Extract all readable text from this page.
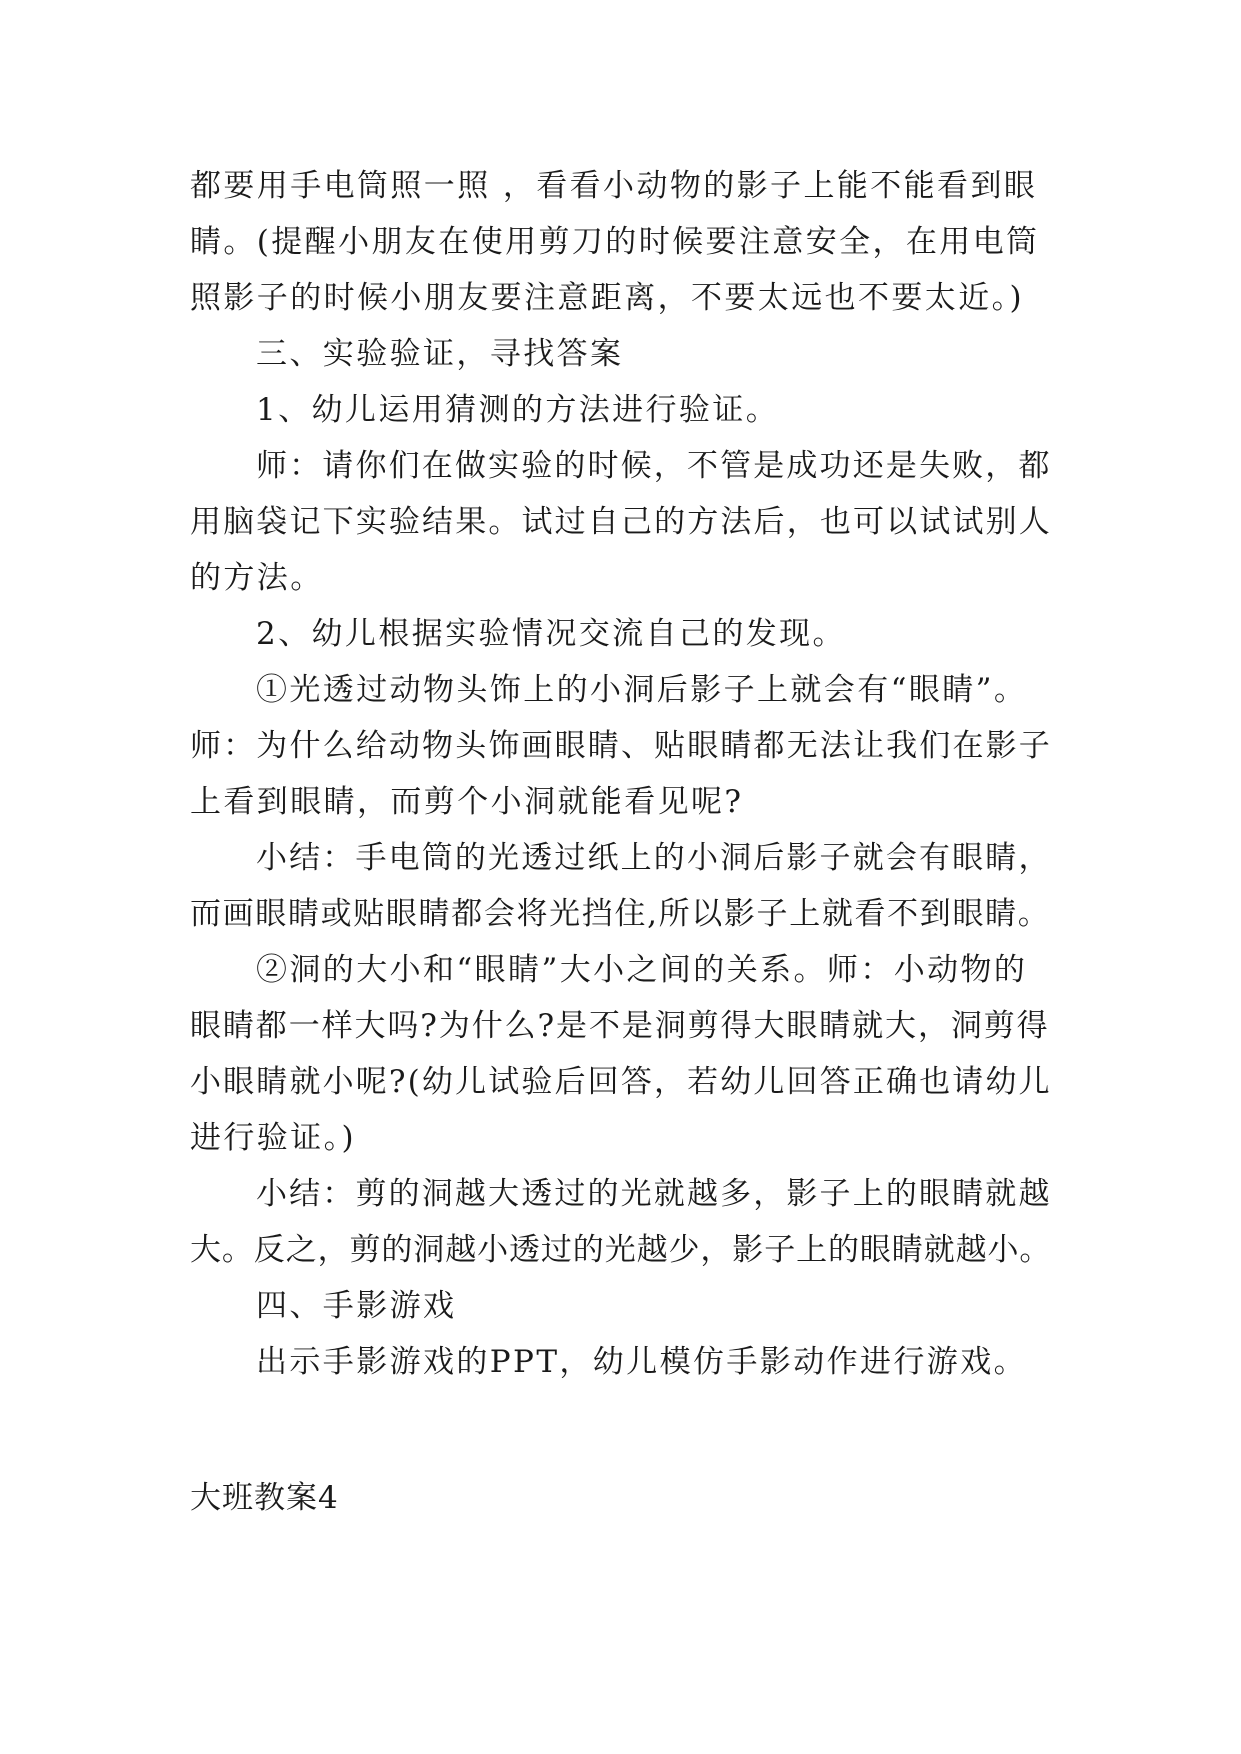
都要用手电筒照一照 ，看看小动物的影子上能不能看到眼
睛。(提醒小朋友在使用剪刀的时候要注意安全，在用电筒
照影子的时候小朋友要注意距离，不要太远也不要太近。)
三、实验验证，寻找答案
1、幼儿运用猜测的方法进行验证。
师：请你们在做实验的时候，不管是成功还是失败，都
用脑袋记下实验结果。试过自己的方法后，也可以试试别人
的方法。
2、幼儿根据实验情况交流自己的发现。
①光透过动物头饰上的小洞后影子上就会有“眼睛”。
师：为什么给动物头饰画眼睛、贴眼睛都无法让我们在影子
上看到眼睛，而剪个小洞就能看见呢?
小结：手电筒的光透过纸上的小洞后影子就会有眼睛，
而画眼睛或贴眼睛都会将光挡住,所以影子上就看不到眼睛。
②洞的大小和“眼睛”大小之间的关系。师：小动物的
眼睛都一样大吗?为什么?是不是洞剪得大眼睛就大，洞剪得
小眼睛就小呢?(幼儿试验后回答，若幼儿回答正确也请幼儿
进行验证。)
小结：剪的洞越大透过的光就越多，影子上的眼睛就越
大。反之，剪的洞越小透过的光越少，影子上的眼睛就越小。
四、手影游戏
出示手影游戏的PPT，幼儿模仿手影动作进行游戏。
大班教案4
